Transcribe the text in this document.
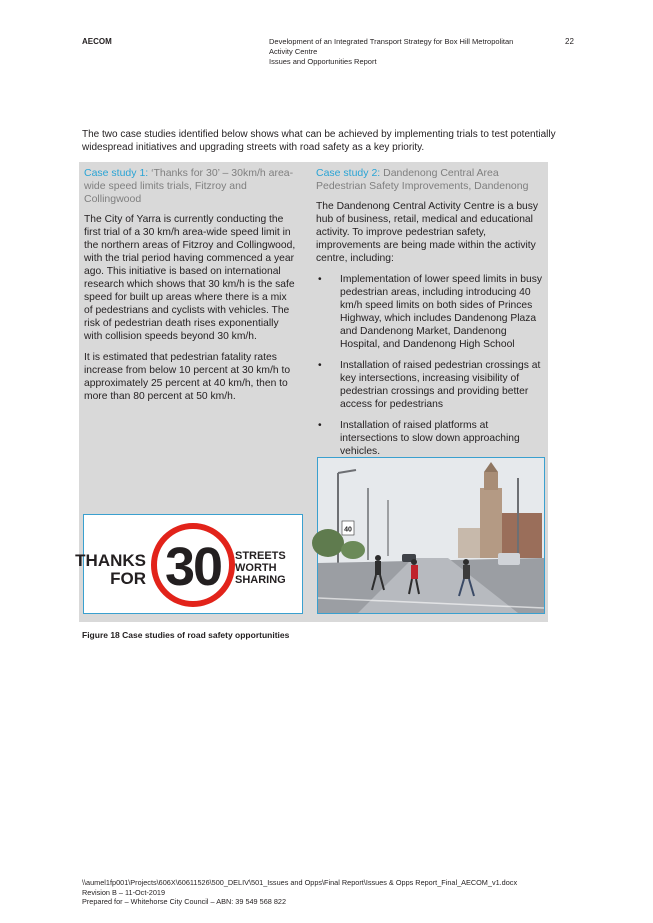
AECOM	Development of an Integrated Transport Strategy for Box Hill Metropolitan
Activity Centre
Issues and Opportunities Report
22
The two case studies identified below shows what can be achieved by implementing trials to test potentially widespread initiatives and upgrading streets with road safety as a key priority.

Case study 1: ‘Thanks for 30’ – 30km/h area-wide speed limits trials, Fitzroy and Collingwood

The City of Yarra is currently conducting the first trial of a 30 km/h area-wide speed limit in the northern areas of Fitzroy and Collingwood, with the trial period having commenced a year ago. This initiative is based on international research which shows that 30 km/h is the safe speed for built up areas where there is a mix of pedestrians and cyclists with vehicles. The risk of pedestrian death rises exponentially with collision speeds beyond 30 km/h.

It is estimated that pedestrian fatality rates increase from below 10 percent at 30 km/h to approximately 25 percent at 40 km/h, then to more than 80 percent at 50 km/h.

THANKS
FOR 30 STREETS
WORTH
SHARING

Case study 2: Dandenong Central Area Pedestrian Safety Improvements, Dandenong

The Dandenong Central Activity Centre is a busy hub of business, retail, medical and educational activity. To improve pedestrian safety, improvements are being made within the activity centre, including:

• Implementation of lower speed limits in busy pedestrian areas, including introducing 40 km/h speed limits on both sides of Princes Highway, which includes Dandenong Plaza and Dandenong Market, Dandenong Hospital, and Dandenong High School
• Installation of raised pedestrian crossings at key intersections, increasing visibility of pedestrian crossings and providing better access for pedestrians
• Installation of raised platforms at intersections to slow down approaching vehicles.
40
Figure 18 Case studies of road safety opportunities
\\aumel1fp001\Projects\606X\60611526\500_DELIV\501_Issues and Opps\Final Report\Issues & Opps Report_Final_AECOM_v1.docx
Revision B – 11-Oct-2019
Prepared for – Whitehorse City Council – ABN: 39 549 568 822
